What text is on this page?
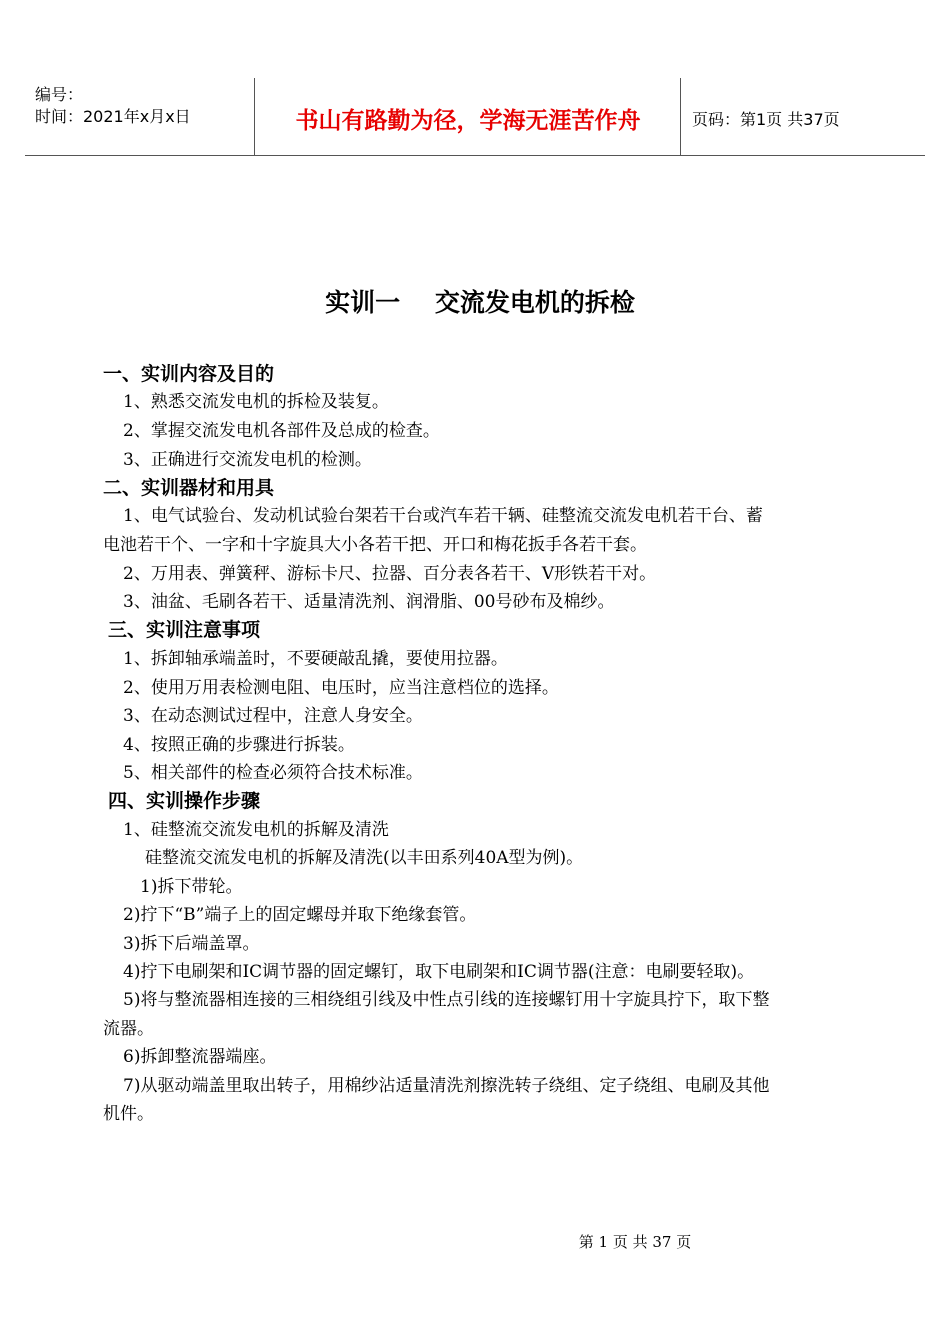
编号：
时间：2021年x月x日	书山有路勤为径，学海无涯苦作舟	页码：第1页 共37页
实训一    交流发电机的拆检
一、实训内容及目的
1、熟悉交流发电机的拆检及装复。
2、掌握交流发电机各部件及总成的检查。
3、正确进行交流发电机的检测。
二、实训器材和用具
1、电气试验台、发动机试验台架若干台或汽车若干辆、硅整流交流发电机若干台、蓄
电池若干个、一字和十字旋具大小各若干把、开口和梅花扳手各若干套。
2、万用表、弹簧秤、游标卡尺、拉器、百分表各若干、V形铁若干对。
3、油盆、毛刷各若干、适量清洗剂、润滑脂、00号砂布及棉纱。
三、实训注意事项
1、拆卸轴承端盖时，不要硬敲乱撬，要使用拉器。
2、使用万用表检测电阻、电压时，应当注意档位的选择。
3、在动态测试过程中，注意人身安全。
4、按照正确的步骤进行拆装。
5、相关部件的检查必须符合技术标准。
四、实训操作步骤
1、硅整流交流发电机的拆解及清洗
硅整流交流发电机的拆解及清洗(以丰田系列40A型为例)。
1)拆下带轮。
2)拧下“B”端子上的固定螺母并取下绝缘套管。
3)拆下后端盖罩。
4)拧下电刷架和IC调节器的固定螺钉，取下电刷架和IC调节器(注意：电刷要轻取)。
5)将与整流器相连接的三相绕组引线及中性点引线的连接螺钉用十字旋具拧下，取下整
流器。
6)拆卸整流器端座。
7)从驱动端盖里取出转子，用棉纱沾适量清洗剂擦洗转子绕组、定子绕组、电刷及其他
机件。
第 1 页 共 37 页
